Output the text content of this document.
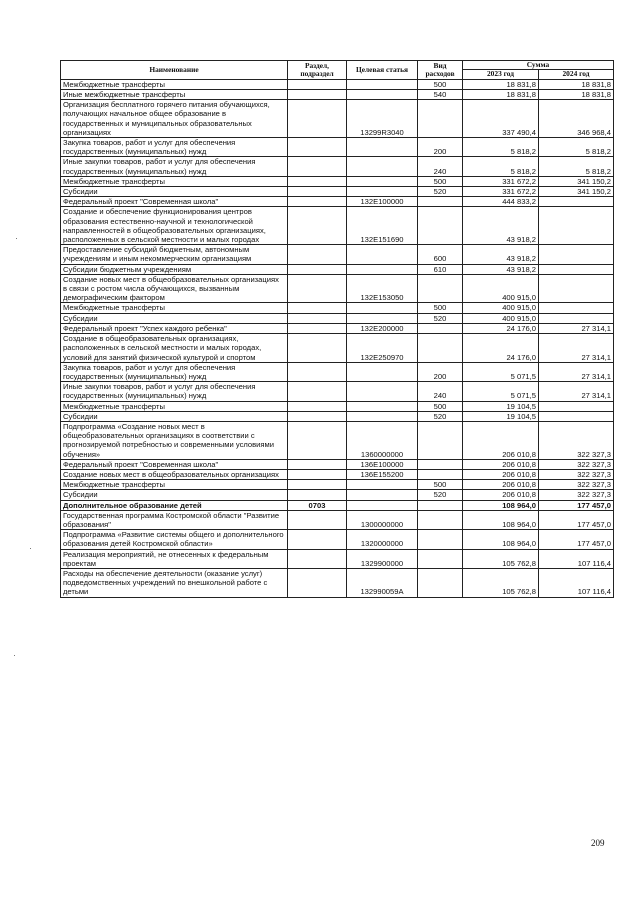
Наименование	Раздел, подраздел	Целевая статья	Вид расходов	Сумма	
				2023 год	2024 год
Межбюджетные трансферты			500	18 831,8	18 831,8
Иные межбюджетные трансферты			540	18 831,8	18 831,8
Организация бесплатного горячего питания обучающихся, получающих начальное общее образование в государственных и муниципальных образовательных организациях		13299R3040		337 490,4	346 968,4
Закупка товаров, работ и услуг для обеспечения государственных (муниципальных) нужд			200	5 818,2	5 818,2
Иные закупки товаров, работ и услуг для обеспечения государственных (муниципальных) нужд			240	5 818,2	5 818,2
Межбюджетные трансферты			500	331 672,2	341 150,2
Субсидии			520	331 672,2	341 150,2
Федеральный проект "Современная школа"		132E100000		444 833,2	
Создание и обеспечение функционирования центров образования естественно-научной и технологической направленностей в общеобразовательных организациях, расположенных в сельской местности и малых городах		132E151690		43 918,2	
Предоставление субсидий бюджетным, автономным учреждениям и иным некоммерческим организациям			600	43 918,2	
Субсидии бюджетным учреждениям			610	43 918,2	
Создание новых мест в общеобразовательных организациях в связи с ростом числа обучающихся, вызванным демографическим фактором		132E153050		400 915,0	
Межбюджетные трансферты			500	400 915,0	
Субсидии			520	400 915,0	
Федеральный проект "Успех каждого ребенка"		132E200000		24 176,0	27 314,1
Создание в общеобразовательных организациях, расположенных в сельской местности и малых городах, условий для занятий физической культурой и спортом		132E250970		24 176,0	27 314,1
Закупка товаров, работ и услуг для обеспечения государственных (муниципальных) нужд			200	5 071,5	27 314,1
Иные закупки товаров, работ и услуг для обеспечения государственных (муниципальных) нужд			240	5 071,5	27 314,1
Межбюджетные трансферты			500	19 104,5	
Субсидии			520	19 104,5	
Подпрограмма «Создание новых мест в общеобразовательных организациях в соответствии с прогнозируемой потребностью и современными условиями обучения»		1360000000		206 010,8	322 327,3
Федеральный проект "Современная школа"		136E100000		206 010,8	322 327,3
Создание новых мест в общеобразовательных организациях		136E155200		206 010,8	322 327,3
Межбюджетные трансферты			500	206 010,8	322 327,3
Субсидии			520	206 010,8	322 327,3
Дополнительное образование детей	0703			108 964,0	177 457,0
Государственная программа Костромской области "Развитие образования"		1300000000		108 964,0	177 457,0
Подпрограмма «Развитие системы общего и дополнительного образования детей Костромской области»		1320000000		108 964,0	177 457,0
Реализация мероприятий, не отнесенных к федеральным проектам		1329900000		105 762,8	107 116,4
Расходы на обеспечение деятельности (оказание услуг) подведомственных учреждений по внешкольной работе с детьми		132990059А		105 762,8	107 116,4
209
